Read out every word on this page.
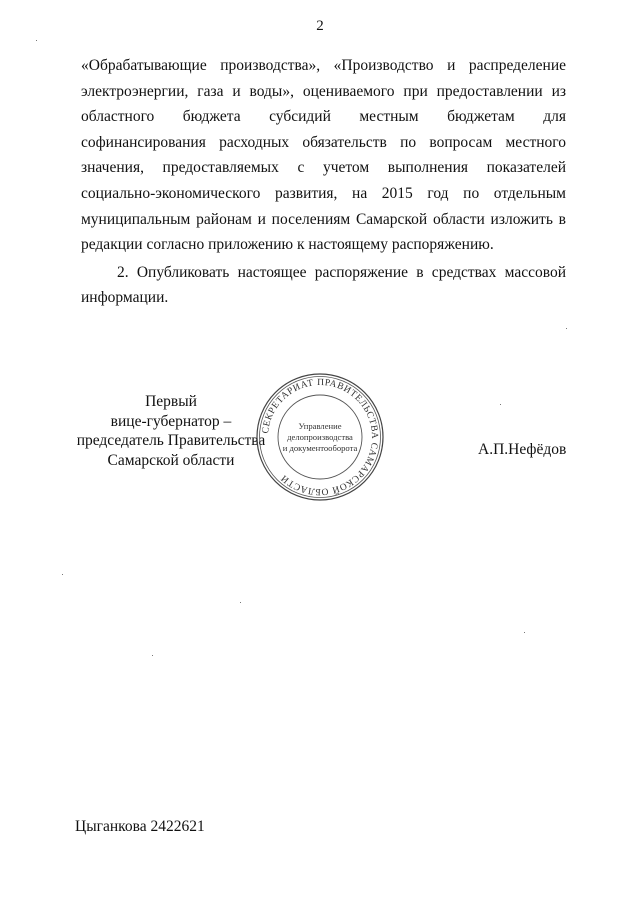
2

«Обрабатывающие производства», «Производство и распределение электроэнергии, газа и воды», оцениваемого при предоставлении из областного бюджета субсидий местным бюджетам для софинансирования расходных обязательств по вопросам местного значения, предоставляемых с учетом выполнения показателей социально-экономического развития, на 2015 год по отдельным муниципальным районам и поселениям Самарской области изложить в редакции согласно приложению к настоящему распоряжению.

2. Опубликовать настоящее распоряжение в средствах массовой информации.

Первый
вице-губернатор –
председатель Правительства
Самарской области
СЕКРЕТАРИАТ ПРАВИТЕЛЬСТВА САМАРСКОЙ ОБЛАСТИ
Управление
делопроизводства
и документооборота	А.П.Нефёдов
Цыганкова 2422621
